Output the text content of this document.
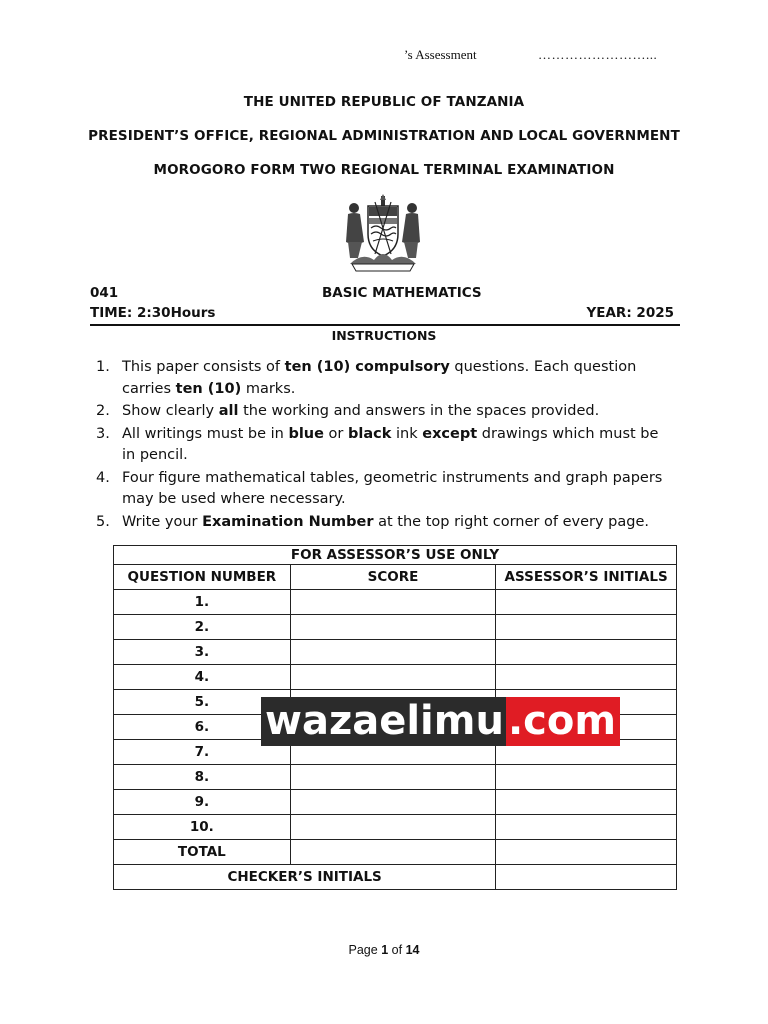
’s Assessment	……………………...
THE UNITED REPUBLIC OF TANZANIA
PRESIDENT’S OFFICE, REGIONAL ADMINISTRATION AND LOCAL GOVERNMENT
MOROGORO FORM TWO REGIONAL TERMINAL EXAMINATION
041	BASIC MATHEMATICS
TIME: 2:30Hours	YEAR: 2025
INSTRUCTIONS
1. This paper consists of ten (10) compulsory questions. Each question carries ten (10) marks.
2. Show clearly all the working and answers in the spaces provided.
3. All writings must be in blue or black ink except drawings which must be in pencil.
4. Four figure mathematical tables, geometric instruments and graph papers may be used where necessary.
5. Write your Examination Number at the top right corner of every page.
FOR ASSESSOR’S USE ONLY		
QUESTION NUMBER	SCORE	ASSESSOR’S INITIALS
1.		
2.		
3.		
4.		
5.		
6.		
7.		
8.		
9.		
10.		
TOTAL		
CHECKER’S INITIALS		
wazaelimu .com
Page 1 of 14
